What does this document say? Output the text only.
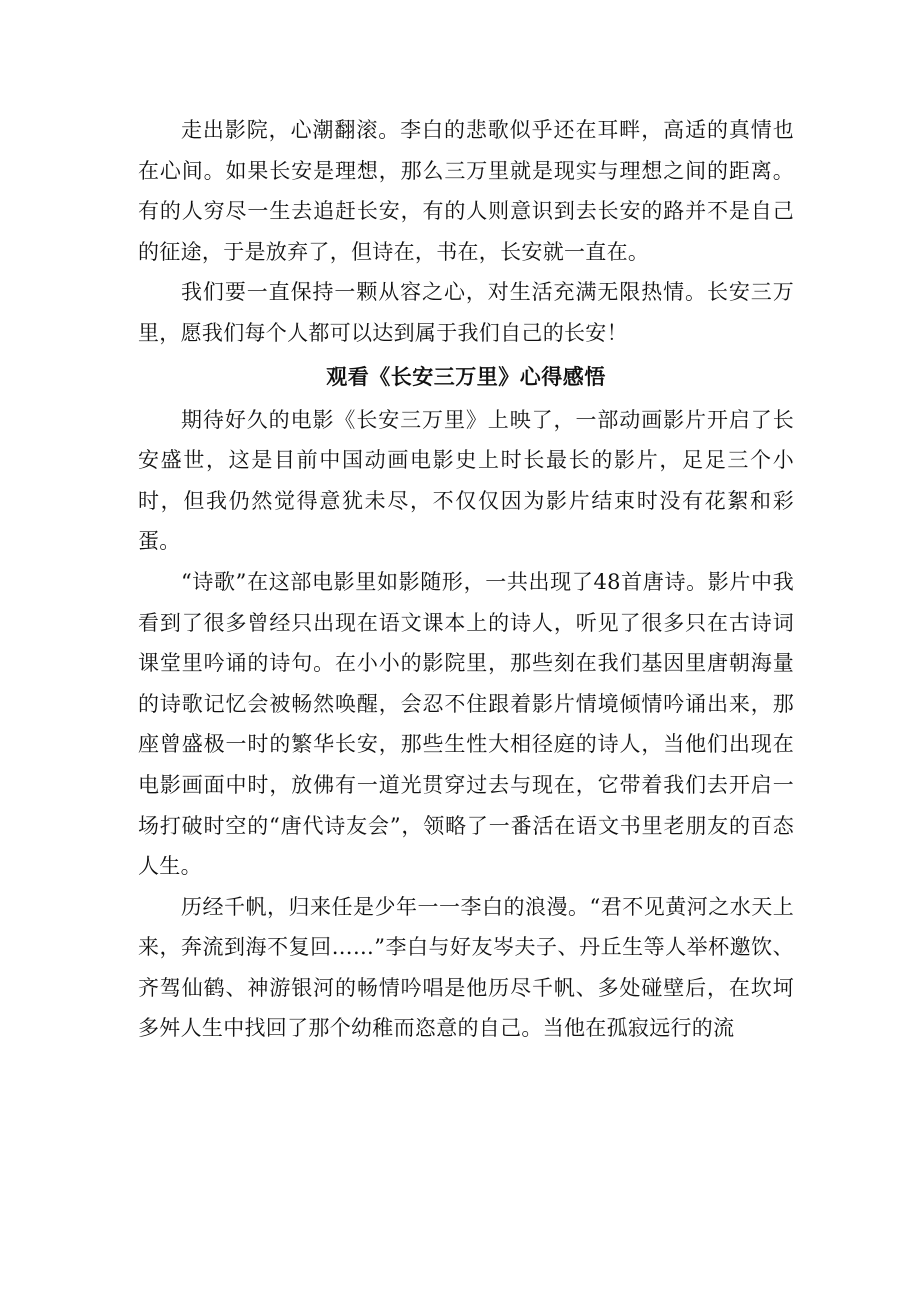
走出影院，心潮翻滚。李白的悲歌似乎还在耳畔，高适的真情也在心间。如果长安是理想，那么三万里就是现实与理想之间的距离。有的人穷尽一生去追赶长安，有的人则意识到去长安的路并不是自己的征途，于是放弃了，但诗在，书在，长安就一直在。

我们要一直保持一颗从容之心，对生活充满无限热情。长安三万里，愿我们每个人都可以达到属于我们自己的长安！

观看《长安三万里》心得感悟

期待好久的电影《长安三万里》上映了，一部动画影片开启了长安盛世，这是目前中国动画电影史上时长最长的影片，足足三个小时，但我仍然觉得意犹未尽，不仅仅因为影片结束时没有花絮和彩蛋。

“诗歌”在这部电影里如影随形，一共出现了48首唐诗。影片中我看到了很多曾经只出现在语文课本上的诗人，听见了很多只在古诗词课堂里吟诵的诗句。在小小的影院里，那些刻在我们基因里唐朝海量的诗歌记忆会被畅然唤醒，会忍不住跟着影片情境倾情吟诵出来，那座曾盛极一时的繁华长安，那些生性大相径庭的诗人，当他们出现在电影画面中时，放佛有一道光贯穿过去与现在，它带着我们去开启一场打破时空的“唐代诗友会”，领略了一番活在语文书里老朋友的百态人生。

历经千帆，归来任是少年一一李白的浪漫。“君不见黄河之水天上来，奔流到海不复回……”李白与好友岑夫子、丹丘生等人举杯邀饮、齐驾仙鹤、神游银河的畅情吟唱是他历尽千帆、多处碰壁后，在坎坷多舛人生中找回了那个幼稚而恣意的自己。当他在孤寂远行的流
